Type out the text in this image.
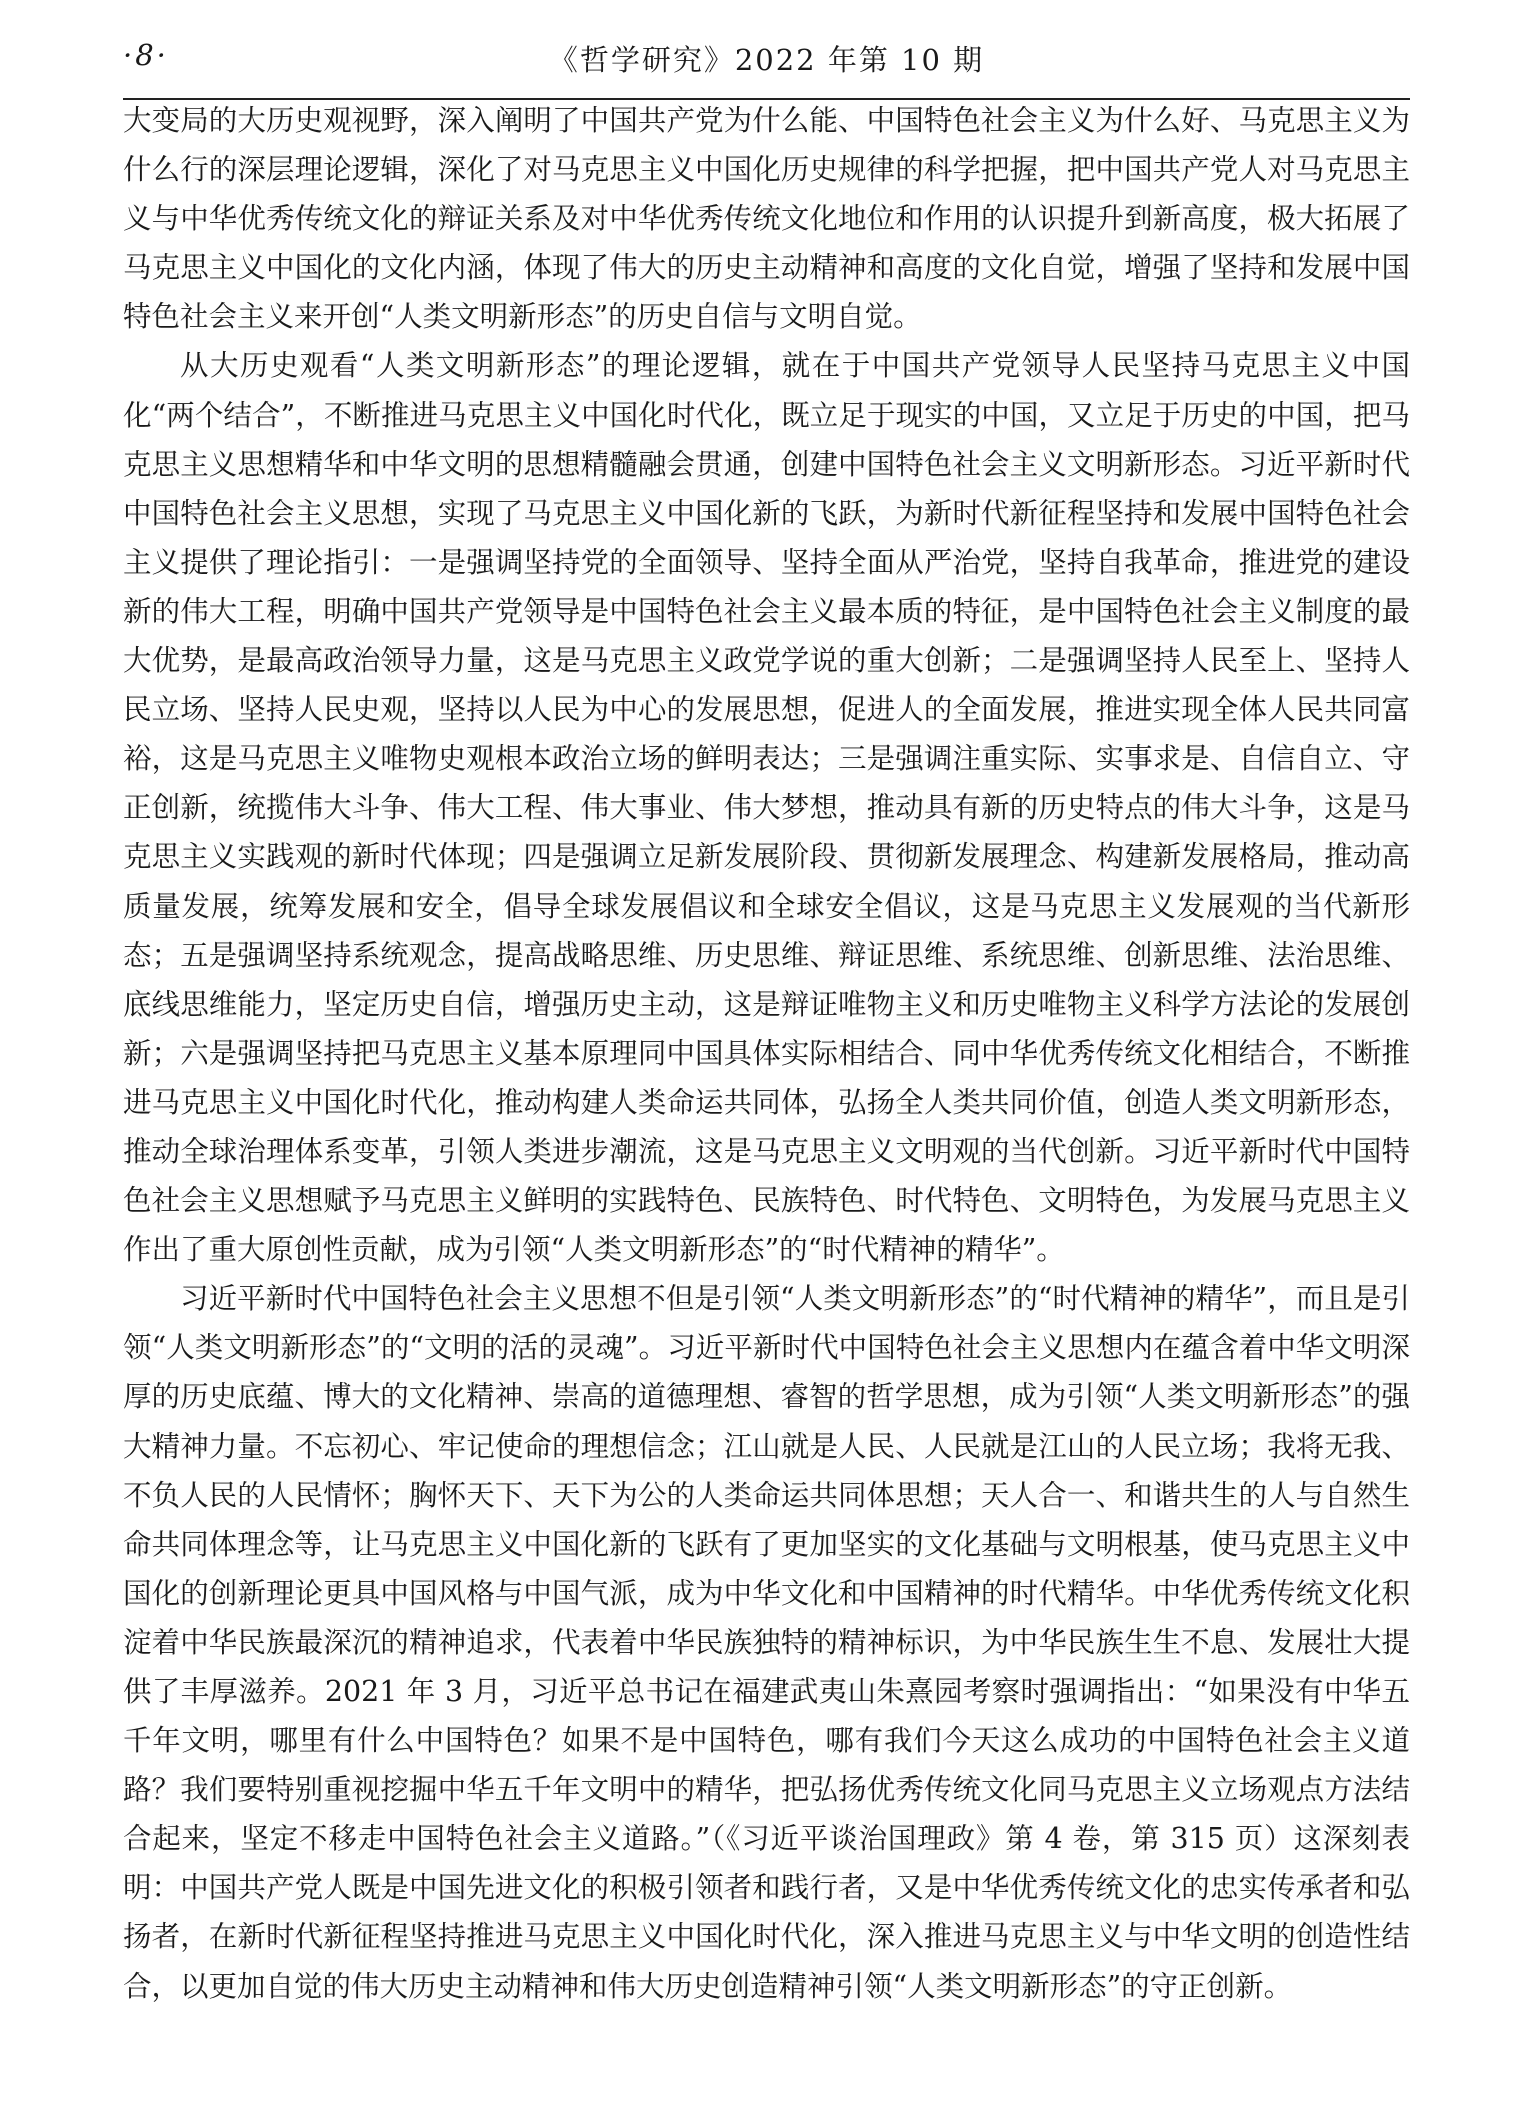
·8·	《哲学研究》2022 年第 10 期

大变局的大历史观视野，深入阐明了中国共产党为什么能、中国特色社会主义为什么好、马克思主义为什么行的深层理论逻辑，深化了对马克思主义中国化历史规律的科学把握，把中国共产党人对马克思主义与中华优秀传统文化的辩证关系及对中华优秀传统文化地位和作用的认识提升到新高度，极大拓展了马克思主义中国化的文化内涵，体现了伟大的历史主动精神和高度的文化自觉，增强了坚持和发展中国特色社会主义来开创“人类文明新形态”的历史自信与文明自觉。

从大历史观看“人类文明新形态”的理论逻辑，就在于中国共产党领导人民坚持马克思主义中国化“两个结合”，不断推进马克思主义中国化时代化，既立足于现实的中国，又立足于历史的中国，把马克思主义思想精华和中华文明的思想精髓融会贯通，创建中国特色社会主义文明新形态。习近平新时代中国特色社会主义思想，实现了马克思主义中国化新的飞跃，为新时代新征程坚持和发展中国特色社会主义提供了理论指引：一是强调坚持党的全面领导、坚持全面从严治党，坚持自我革命，推进党的建设新的伟大工程，明确中国共产党领导是中国特色社会主义最本质的特征，是中国特色社会主义制度的最大优势，是最高政治领导力量，这是马克思主义政党学说的重大创新；二是强调坚持人民至上、坚持人民立场、坚持人民史观，坚持以人民为中心的发展思想，促进人的全面发展，推进实现全体人民共同富裕，这是马克思主义唯物史观根本政治立场的鲜明表达；三是强调注重实际、实事求是、自信自立、守正创新，统揽伟大斗争、伟大工程、伟大事业、伟大梦想，推动具有新的历史特点的伟大斗争，这是马克思主义实践观的新时代体现；四是强调立足新发展阶段、贯彻新发展理念、构建新发展格局，推动高质量发展，统筹发展和安全，倡导全球发展倡议和全球安全倡议，这是马克思主义发展观的当代新形态；五是强调坚持系统观念，提高战略思维、历史思维、辩证思维、系统思维、创新思维、法治思维、底线思维能力，坚定历史自信，增强历史主动，这是辩证唯物主义和历史唯物主义科学方法论的发展创新；六是强调坚持把马克思主义基本原理同中国具体实际相结合、同中华优秀传统文化相结合，不断推进马克思主义中国化时代化，推动构建人类命运共同体，弘扬全人类共同价值，创造人类文明新形态，推动全球治理体系变革，引领人类进步潮流，这是马克思主义文明观的当代创新。习近平新时代中国特色社会主义思想赋予马克思主义鲜明的实践特色、民族特色、时代特色、文明特色，为发展马克思主义作出了重大原创性贡献，成为引领“人类文明新形态”的“时代精神的精华”。

习近平新时代中国特色社会主义思想不但是引领“人类文明新形态”的“时代精神的精华”，而且是引领“人类文明新形态”的“文明的活的灵魂”。习近平新时代中国特色社会主义思想内在蕴含着中华文明深厚的历史底蕴、博大的文化精神、崇高的道德理想、睿智的哲学思想，成为引领“人类文明新形态”的强大精神力量。不忘初心、牢记使命的理想信念；江山就是人民、人民就是江山的人民立场；我将无我、不负人民的人民情怀；胸怀天下、天下为公的人类命运共同体思想；天人合一、和谐共生的人与自然生命共同体理念等，让马克思主义中国化新的飞跃有了更加坚实的文化基础与文明根基，使马克思主义中国化的创新理论更具中国风格与中国气派，成为中华文化和中国精神的时代精华。中华优秀传统文化积淀着中华民族最深沉的精神追求，代表着中华民族独特的精神标识，为中华民族生生不息、发展壮大提供了丰厚滋养。2021 年 3 月，习近平总书记在福建武夷山朱熹园考察时强调指出：“如果没有中华五千年文明，哪里有什么中国特色？如果不是中国特色，哪有我们今天这么成功的中国特色社会主义道路？我们要特别重视挖掘中华五千年文明中的精华，把弘扬优秀传统文化同马克思主义立场观点方法结合起来，坚定不移走中国特色社会主义道路。”（《习近平谈治国理政》第 4 卷，第 315 页）这深刻表明：中国共产党人既是中国先进文化的积极引领者和践行者，又是中华优秀传统文化的忠实传承者和弘扬者，在新时代新征程坚持推进马克思主义中国化时代化，深入推进马克思主义与中华文明的创造性结合，以更加自觉的伟大历史主动精神和伟大历史创造精神引领“人类文明新形态”的守正创新。
